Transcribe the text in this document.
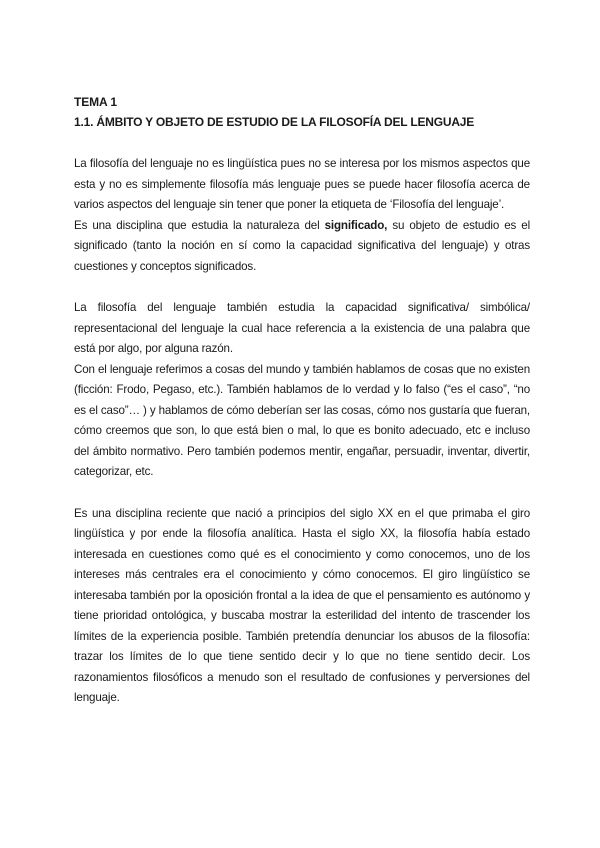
TEMA 1
1.1. ÁMBITO Y OBJETO DE ESTUDIO DE LA FILOSOFÍA DEL LENGUAJE

La filosofía del lenguaje no es lingüística pues no se interesa por los mismos aspectos que esta y no es simplemente filosofía más lenguaje pues se puede hacer filosofía acerca de varios aspectos del lenguaje sin tener que poner la etiqueta de ‘Filosofía del lenguaje’.

Es una disciplina que estudia la naturaleza del significado, su objeto de estudio es el significado (tanto la noción en sí como la capacidad significativa del lenguaje) y otras cuestiones y conceptos significados.

La filosofía del lenguaje también estudia la capacidad significativa/ simbólica/ representacional del lenguaje la cual hace referencia a la existencia de una palabra que está por algo, por alguna razón.

Con el lenguaje referimos a cosas del mundo y también hablamos de cosas que no existen (ficción: Frodo, Pegaso, etc.). También hablamos de lo verdad y lo falso (“es el caso”, “no es el caso”… ) y hablamos de cómo deberían ser las cosas, cómo nos gustaría que fueran, cómo creemos que son, lo que está bien o mal, lo que es bonito adecuado, etc e incluso del ámbito normativo. Pero también podemos mentir, engañar, persuadir, inventar, divertir, categorizar, etc.

Es una disciplina reciente que nació a principios del siglo XX en el que primaba el giro lingüística y por ende la filosofía analítica. Hasta el siglo XX, la filosofía había estado interesada en cuestiones como qué es el conocimiento y como conocemos, uno de los intereses más centrales era el conocimiento y cómo conocemos. El giro lingüístico se interesaba también por la oposición frontal a la idea de que el pensamiento es autónomo y tiene prioridad ontológica, y buscaba mostrar la esterilidad del intento de trascender los límites de la experiencia posible. También pretendía denunciar los abusos de la filosofía: trazar los límites de lo que tiene sentido decir y lo que no tiene sentido decir. Los razonamientos filosóficos a menudo son el resultado de confusiones y perversiones del lenguaje.
